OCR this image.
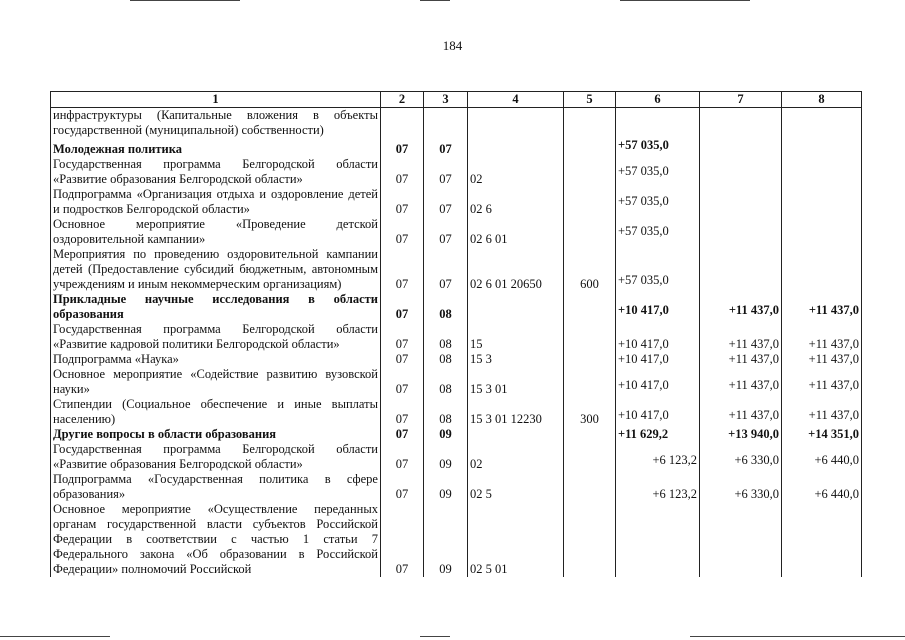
184
1	2	3	4	5	6	7	8
инфраструктуры (Капитальные вложения в объекты государственной (муниципальной) собственности)							
Молодежная политика	07	07			+57 035,0		
Государственная программа Белгородской области «Развитие образования Белгородской области»	07	07	02		+57 035,0		
Подпрограмма «Организация отдыха и оздоровление детей и подростков Белгородской области»	07	07	02 6		+57 035,0		
Основное мероприятие «Проведение детской оздоровительной кампании»	07	07	02 6 01		+57 035,0		
Мероприятия по проведению оздоровительной кампании детей (Предоставление субсидий бюджетным, автономным учреждениям и иным некоммерческим организациям)	07	07	02 6 01 20650	600	+57 035,0		
Прикладные научные исследования в области образования	07	08			+10 417,0	+11 437,0	+11 437,0
Государственная программа Белгородской области «Развитие кадровой политики Белгородской области»	07	08	15		+10 417,0	+11 437,0	+11 437,0
Подпрограмма «Наука»	07	08	15 3		+10 417,0	+11 437,0	+11 437,0
Основное мероприятие «Содействие развитию вузовской науки»	07	08	15 3 01		+10 417,0	+11 437,0	+11 437,0
Стипендии (Социальное обеспечение и иные выплаты населению)	07	08	15 3 01 12230	300	+10 417,0	+11 437,0	+11 437,0
Другие вопросы в области образования	07	09			+11 629,2	+13 940,0	+14 351,0
Государственная программа Белгородской области «Развитие образования Белгородской области»	07	09	02		+6 123,2	+6 330,0	+6 440,0
Подпрограмма «Государственная политика в сфере образования»	07	09	02 5		+6 123,2	+6 330,0	+6 440,0
Основное мероприятие «Осуществление переданных органам государственной власти субъектов Российской Федерации в соответствии с частью 1 статьи 7 Федерального закона «Об образовании в Российской Федерации» полномочий Российской	07	09	02 5 01				
